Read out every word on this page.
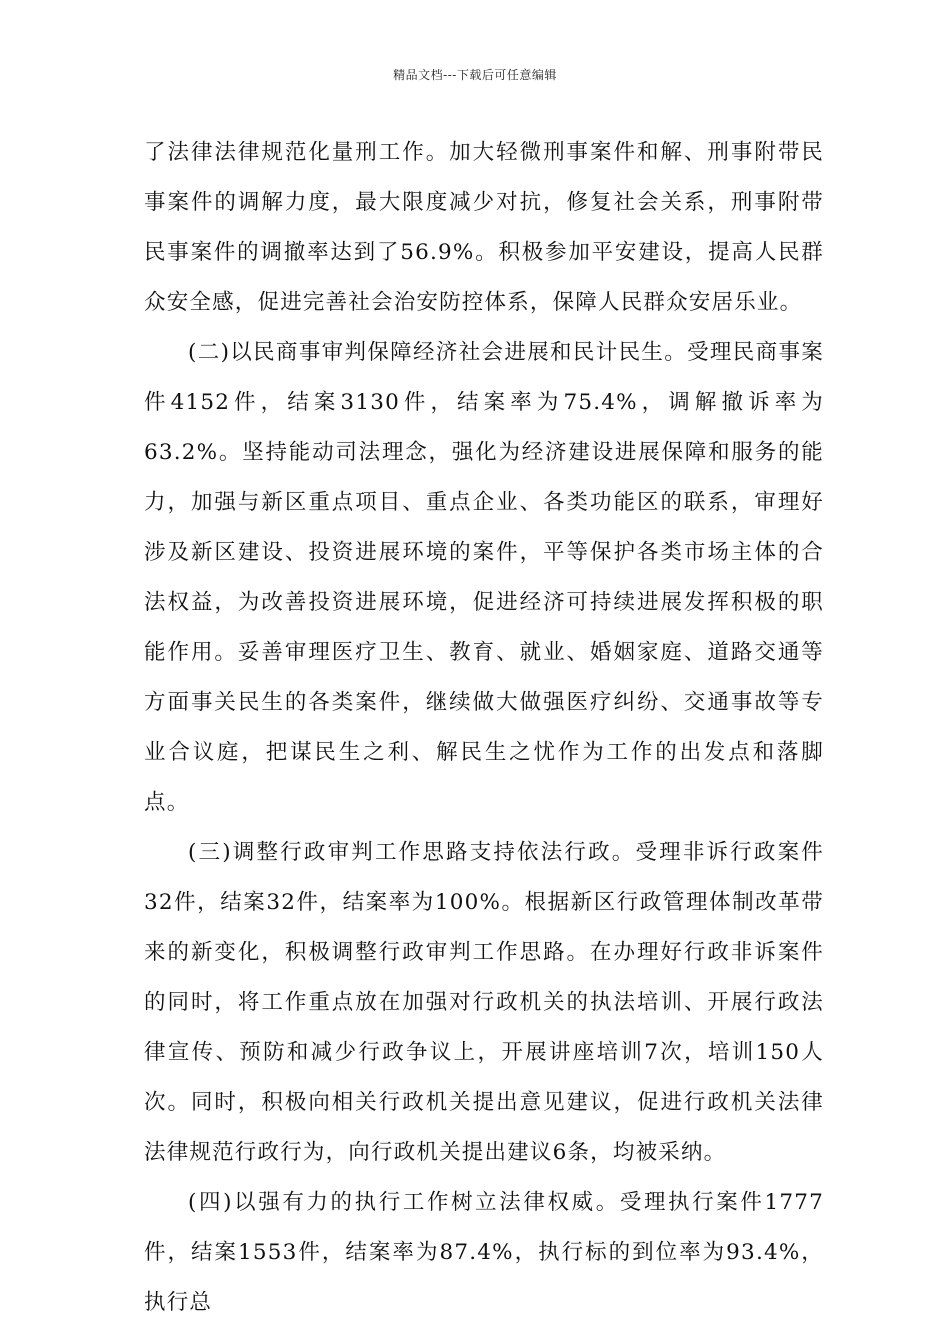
精品文档---下载后可任意编辑

了法律法律规范化量刑工作。加大轻微刑事案件和解、刑事附带民事案件的调解力度，最大限度减少对抗，修复社会关系，刑事附带民事案件的调撤率达到了56.9%。积极参加平安建设，提高人民群众安全感，促进完善社会治安防控体系，保障人民群众安居乐业。

(二)以民商事审判保障经济社会进展和民计民生。受理民商事案件4152件，结案3130件，结案率为75.4%，调解撤诉率为63.2%。坚持能动司法理念，强化为经济建设进展保障和服务的能力，加强与新区重点项目、重点企业、各类功能区的联系，审理好涉及新区建设、投资进展环境的案件，平等保护各类市场主体的合法权益，为改善投资进展环境，促进经济可持续进展发挥积极的职能作用。妥善审理医疗卫生、教育、就业、婚姻家庭、道路交通等方面事关民生的各类案件，继续做大做强医疗纠纷、交通事故等专业合议庭，把谋民生之利、解民生之忧作为工作的出发点和落脚点。

(三)调整行政审判工作思路支持依法行政。受理非诉行政案件32件，结案32件，结案率为100%。根据新区行政管理体制改革带来的新变化，积极调整行政审判工作思路。在办理好行政非诉案件的同时，将工作重点放在加强对行政机关的执法培训、开展行政法律宣传、预防和减少行政争议上，开展讲座培训7次，培训150人次。同时，积极向相关行政机关提出意见建议，促进行政机关法律法律规范行政行为，向行政机关提出建议6条，均被采纳。

(四)以强有力的执行工作树立法律权威。受理执行案件1777件，结案1553件，结案率为87.4%，执行标的到位率为93.4%，执行总
